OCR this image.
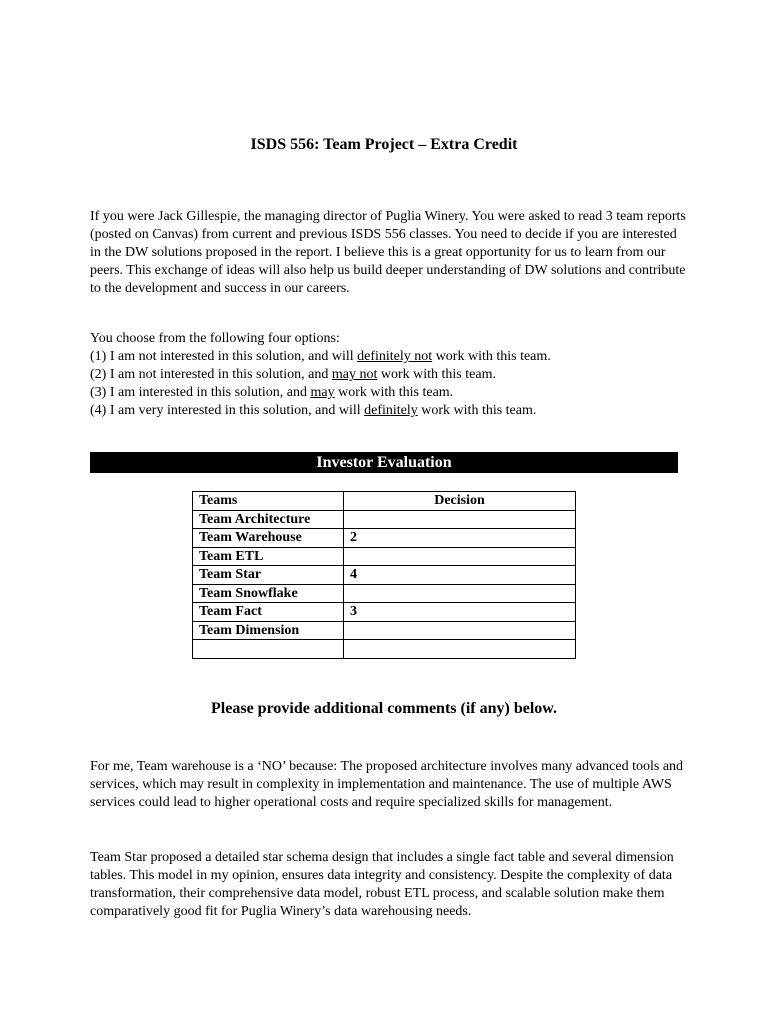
ISDS 556: Team Project – Extra Credit

If you were Jack Gillespie, the managing director of Puglia Winery. You were asked to read 3 team reports (posted on Canvas) from current and previous ISDS 556 classes. You need to decide if you are interested in the DW solutions proposed in the report. I believe this is a great opportunity for us to learn from our peers. This exchange of ideas will also help us build deeper understanding of DW solutions and contribute to the development and success in our careers.

You choose from the following four options:
(1) I am not interested in this solution, and will definitely not work with this team.
(2) I am not interested in this solution, and may not work with this team.
(3) I am interested in this solution, and may work with this team.
(4) I am very interested in this solution, and will definitely work with this team.
Investor Evaluation
Teams	Decision
Team Architecture	
Team Warehouse	2
Team ETL	
Team Star	4
Team Snowflake	
Team Fact	3
Team Dimension	

Please provide additional comments (if any) below.

For me, Team warehouse is a ‘NO’ because: The proposed architecture involves many advanced tools and services, which may result in complexity in implementation and maintenance. The use of multiple AWS services could lead to higher operational costs and require specialized skills for management.

Team Star proposed a detailed star schema design that includes a single fact table and several dimension tables. This model in my opinion, ensures data integrity and consistency. Despite the complexity of data transformation, their comprehensive data model, robust ETL process, and scalable solution make them comparatively good fit for Puglia Winery’s data warehousing needs.
